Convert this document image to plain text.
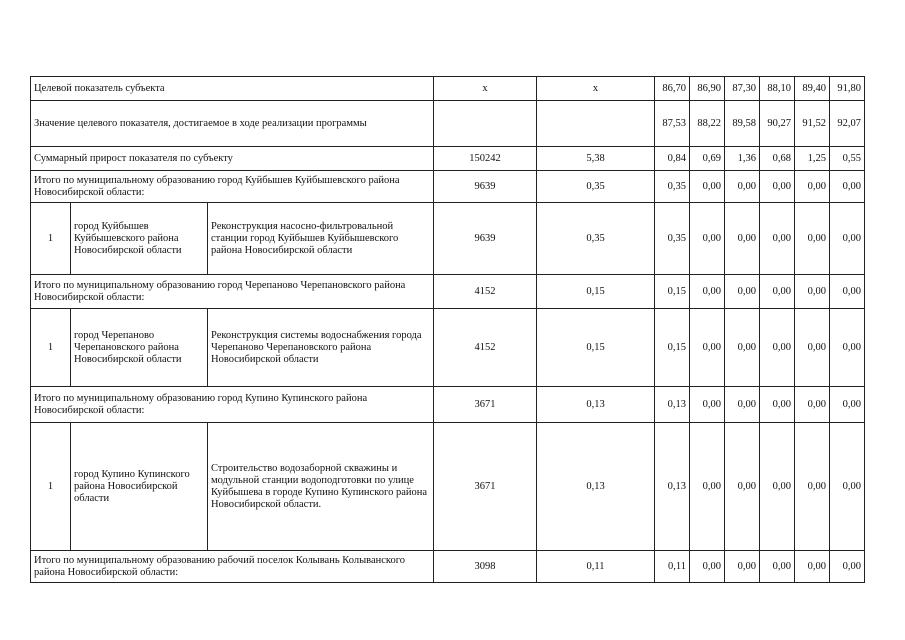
Целевой показатель субъекта			х	х	86,70	86,90	87,30	88,10	89,40	91,80
Значение целевого показателя, достигаемое в ходе реализации программы					87,53	88,22	89,58	90,27	91,52	92,07
Суммарный прирост показателя по субъекту			150242	5,38	0,84	0,69	1,36	0,68	1,25	0,55
Итого по муниципальному образованию город Куйбышев Куйбышевского района Новосибирской области:			9639	0,35	0,35	0,00	0,00	0,00	0,00	0,00
1	город Куйбышев Куйбышевского района Новосибирской области	Реконструкция насосно-фильтровальной станции город Куйбышев Куйбышевского района Новосибирской области	9639	0,35	0,35	0,00	0,00	0,00	0,00	0,00
Итого по муниципальному образованию город Черепаново Черепановского района Новосибирской области:			4152	0,15	0,15	0,00	0,00	0,00	0,00	0,00
1	город Черепаново Черепановского района Новосибирской области	Реконструкция системы водоснабжения города Черепаново Черепановского района Новосибирской области	4152	0,15	0,15	0,00	0,00	0,00	0,00	0,00
Итого по муниципальному образованию город Купино Купинского района Новосибирской области:			3671	0,13	0,13	0,00	0,00	0,00	0,00	0,00
1	город Купино Купинского района Новосибирской области	Строительство водозаборной скважины и модульной станции водоподготовки по улице Куйбышева в городе Купино Купинского района Новосибирской области.	3671	0,13	0,13	0,00	0,00	0,00	0,00	0,00
Итого по муниципальному образованию рабочий поселок Колывань Колыванского района Новосибирской области:			3098	0,11	0,11	0,00	0,00	0,00	0,00	0,00
